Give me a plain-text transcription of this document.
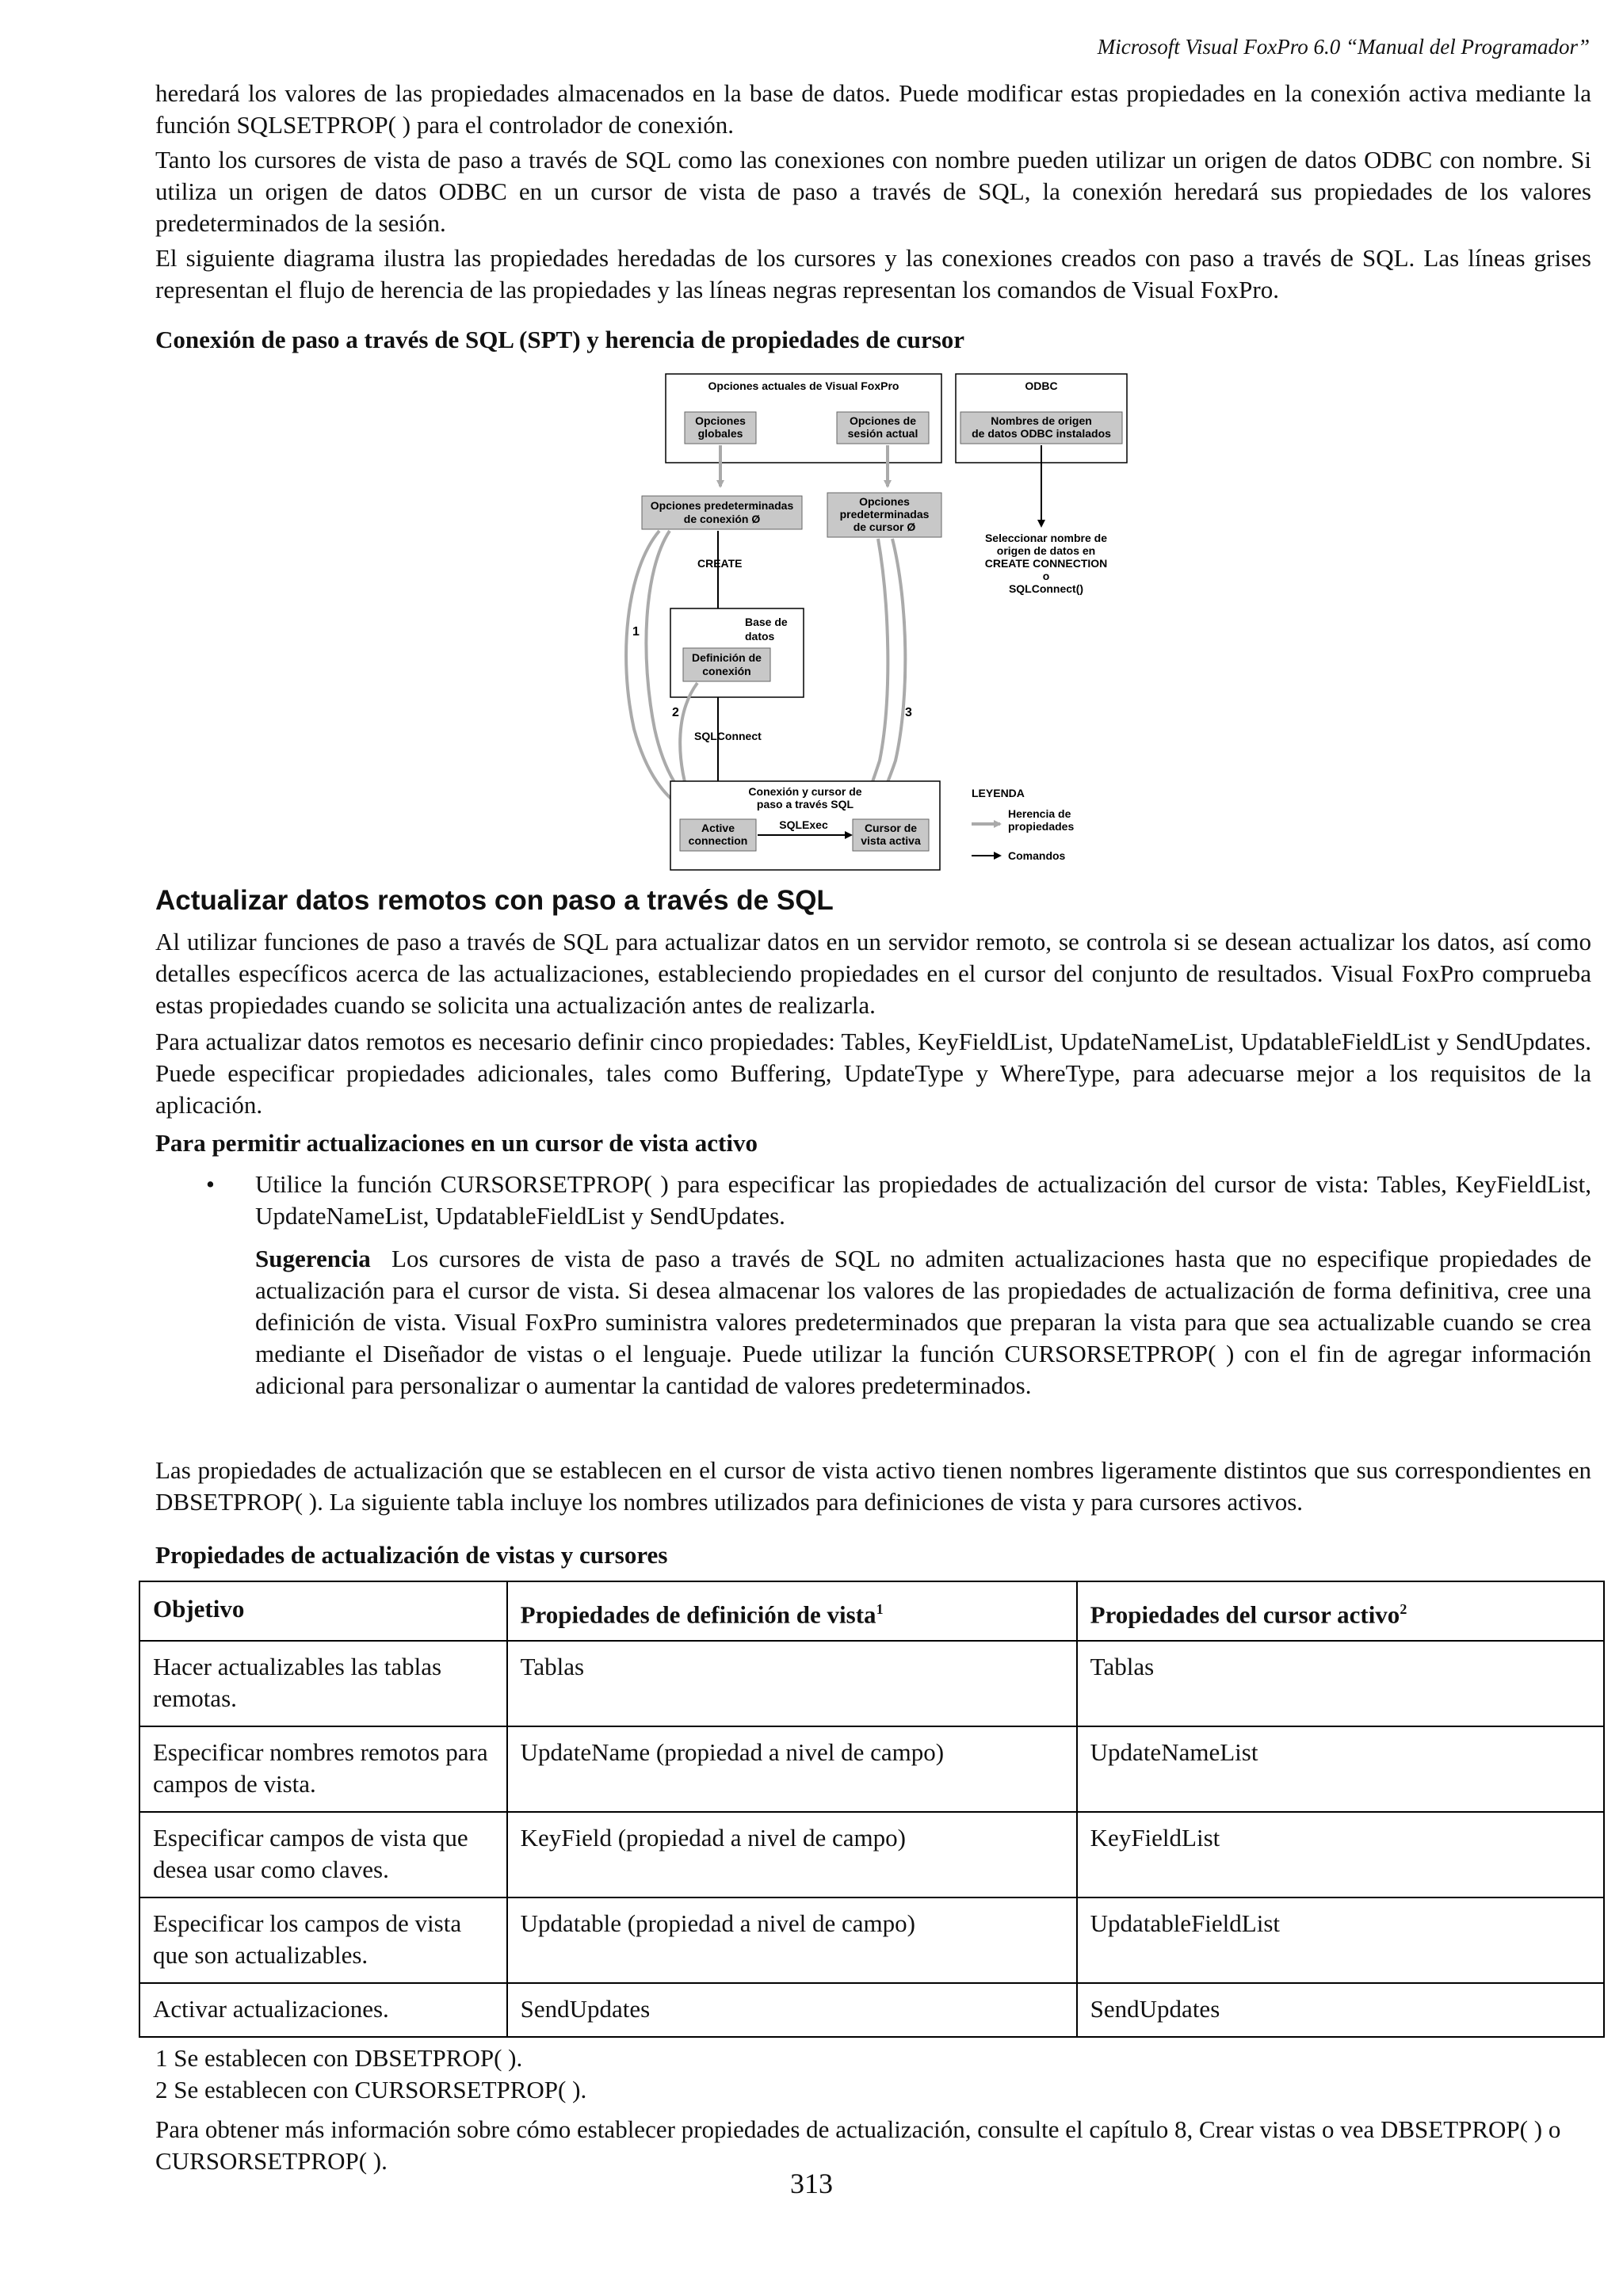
Microsoft Visual FoxPro 6.0 “Manual del Programador”

heredará los valores de las propiedades almacenados en la base de datos. Puede modificar estas propiedades en la conexión activa mediante la función SQLSETPROP( ) para el controlador de conexión.

Tanto los cursores de vista de paso a través de SQL como las conexiones con nombre pueden utilizar un origen de datos ODBC con nombre. Si utiliza un origen de datos ODBC en un cursor de vista de paso a través de SQL, la conexión heredará sus propiedades de los valores predeterminados de la sesión.

El siguiente diagrama ilustra las propiedades heredadas de los cursores y las conexiones creados con paso a través de SQL. Las líneas grises representan el flujo de herencia de las propiedades y las líneas negras representan los comandos de Visual FoxPro.

Conexión de paso a través de SQL (SPT) y herencia de propiedades de cursor

Opciones actuales de Visual FoxPro
Opciones
globales
Opciones de
sesión actual
ODBC
Nombres de origen
de datos ODBC instalados
Opciones predeterminadas
de conexión Ø
Opciones
predeterminadas
de cursor Ø
Seleccionar nombre de
origen de datos en
CREATE CONNECTION
o
SQLConnect()
CREATE
Base de
datos
Definición de
conexión
1
2	3
SQLConnect
Conexión y cursor de
paso a través SQL
Active
connection
SQLExec	Cursor de
vista activa
LEYENDA
Herencia de
propiedades
Comandos

Actualizar datos remotos con paso a través de SQL

Al utilizar funciones de paso a través de SQL para actualizar datos en un servidor remoto, se controla si se desean actualizar los datos, así como detalles específicos acerca de las actualizaciones, estableciendo propiedades en el cursor del conjunto de resultados. Visual FoxPro comprueba estas propiedades cuando se solicita una actualización antes de realizarla.

Para actualizar datos remotos es necesario definir cinco propiedades: Tables, KeyFieldList, UpdateNameList, UpdatableFieldList y SendUpdates. Puede especificar propiedades adicionales, tales como Buffering, UpdateType y WhereType, para adecuarse mejor a los requisitos de la aplicación.

Para permitir actualizaciones en un cursor de vista activo

• Utilice la función CURSORSETPROP( ) para especificar las propiedades de actualización del cursor de vista: Tables, KeyFieldList, UpdateNameList, UpdatableFieldList y SendUpdates.

Sugerencia Los cursores de vista de paso a través de SQL no admiten actualizaciones hasta que no especifique propiedades de actualización para el cursor de vista. Si desea almacenar los valores de las propiedades de actualización de forma definitiva, cree una definición de vista. Visual FoxPro suministra valores predeterminados que preparan la vista para que sea actualizable cuando se crea mediante el Diseñador de vistas o el lenguaje. Puede utilizar la función CURSORSETPROP( ) con el fin de agregar información adicional para personalizar o aumentar la cantidad de valores predeterminados.

Las propiedades de actualización que se establecen en el cursor de vista activo tienen nombres ligeramente distintos que sus correspondientes en DBSETPROP( ). La siguiente tabla incluye los nombres utilizados para definiciones de vista y para cursores activos.

Propiedades de actualización de vistas y cursores

Objetivo	Propiedades de definición de vista$^1$	Propiedades del cursor activo$^2$
Hacer actualizables las tablas remotas.	Tablas	Tablas
Especificar nombres remotos para campos de vista.	UpdateName (propiedad a nivel de campo)	UpdateNameList
Especificar campos de vista que desea usar como claves.	KeyField (propiedad a nivel de campo)	KeyFieldList
Especificar los campos de vista que son actualizables.	Updatable (propiedad a nivel de campo)	UpdatableFieldList
Activar actualizaciones.	SendUpdates	SendUpdates
1 Se establecen con DBSETPROP( ).
2 Se establecen con CURSORSETPROP( ).

Para obtener más información sobre cómo establecer propiedades de actualización, consulte el capítulo 8, Crear vistas o vea DBSETPROP( ) o CURSORSETPROP( ).

313
